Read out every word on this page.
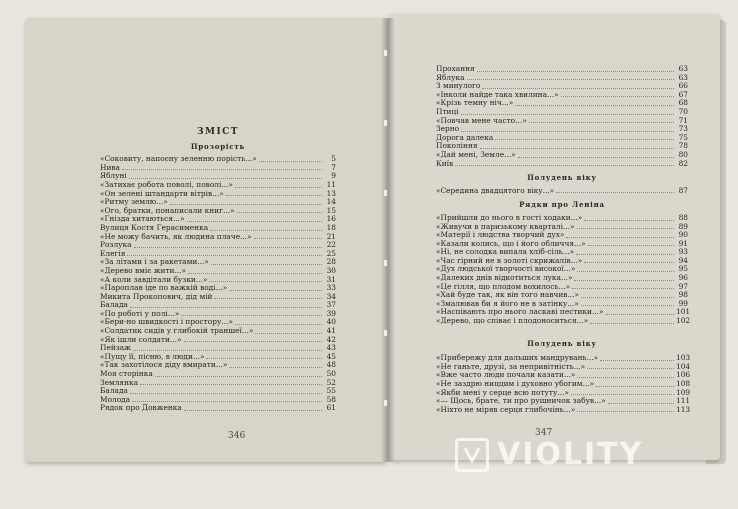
ЗМІСТ
Прозорість
«Соковиту, напоєну зеленню порість...»	5
Нива	7
Яблуні	9
«Затихає робота поволі, поволі...»	11
«Он зелені штандарти вітрів...»	13
«Ритму землю...»	14
«Ого, братки, понаписали книг...»	15
«Гнізда хитаються...»	16
Вулиця Костя Герасименка	18
«Не можу бачить, як людина плаче...»	21
Розлука	22
Елегія	25
«За літами і за ракетами...»	28
«Дерево вміє жити...»	30
«А коли завдітали бузки...»	31
«Пароплав іде по важкій воді...»	33
Микита Прокопович, дід мій	34
Балада	37
«По роботі у полі...»	39
«Бери-но швидкості і простору...»	40
«Солдатик сидів у глибокій траншеї...»	41
«Як ішли солдати...»	42
Пейзаж	43
«Пущу її, пісню, в люди...»	45
«Так захотілося діду вмирати...»	48
Моя сторінка	50
Землянка	52
Балада	55
Молода	58
Рядок про Довженка	61
346
Прохання	63
Яблука	63
З минулого	66
«Інколи найде така хвилина...»	67
«Крізь темну ніч...»	68
Птиці	70
«Повчав мене часто...»	71
Зерно	73
Дорога далека	75
Покоління	78
«Дай мені, Земле...»	80
Київ	82
Полудень віку
«Середина двадцятого віку...»	87
Рядки про Леніна
«Прийшли до нього в гості ходаки...»	88
«Живучи в паризькому кварталі...»	89
«Матерії і людства творчий дух»	90
«Казали колись, що і його обличчя...»	91
«Ні, не солодка випала хліб-сіль...»	93
«Час гірний не в золоті скрижалів...»	94
«Дух людської творчості високої...»	95
«Далеких днів відкотиться лука...»	96
«Це гілля, що плодом вохилось...»	97
«Хай буде так, як він того навчив...»	98
«Змалював би я його не в затінку...»	99
«Наспівають про нього ласкаві пестики...»	101
«Дерево, що співає і плодоноситься...»	102
Полудень віку
«Прибережу для дальших мандрувань...»	103
«Не ганьте, друзі, за непривітність...»	104
«Вже часто люди почали казати...»	106
«Не заздрю ниццим і духовно убогим...»	108
«Якби мені у серце всю потуту...»	109
«— Щось, брате, ти про рушничок забув...»	111
«Ніхто не міряв серця глибочінь...»	113
347
VIOLITY
